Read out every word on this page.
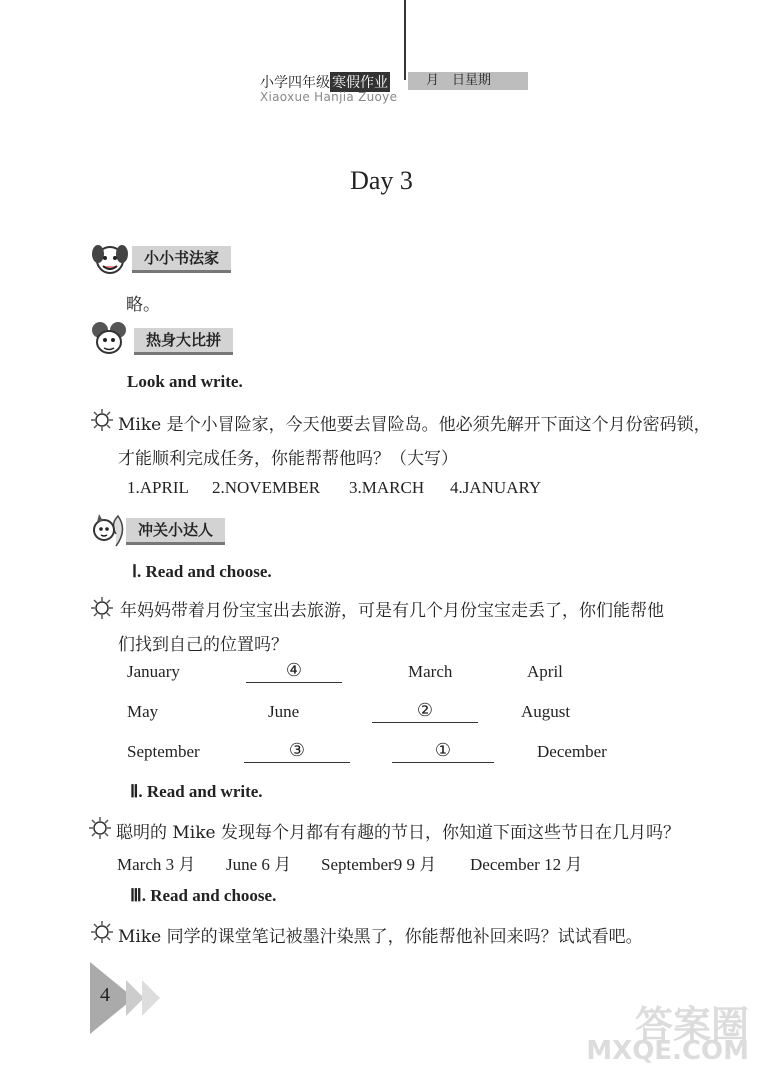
小学四年级 寒假作业	月　日星期
Xiaoxue Hanjia Zuoye
Day 3
小小书法家
略。
热身大比拼
Look and write.
Mike 是个小冒险家，今天他要去冒险岛。他必须先解开下面这个月份密码锁，
才能顺利完成任务，你能帮帮他吗？（大写）
1.APRIL 2.NOVEMBER 3.MARCH 4.JANUARY
冲关小达人
Ⅰ. Read and choose.
年妈妈带着月份宝宝出去旅游，可是有几个月份宝宝走丢了，你们能帮他
们找到自己的位置吗？
January	④	March	April
May	June	②	August
September	③	①	December
Ⅱ. Read and write.
聪明的 Mike 发现每个月都有有趣的节日，你知道下面这些节日在几月吗？
March 3 月 June 6 月 September9 9 月 December 12 月
Ⅲ. Read and choose.
Mike 同学的课堂笔记被墨汁染黑了，你能帮他补回来吗？试试看吧。
4
答案圈
MXQE.COM
